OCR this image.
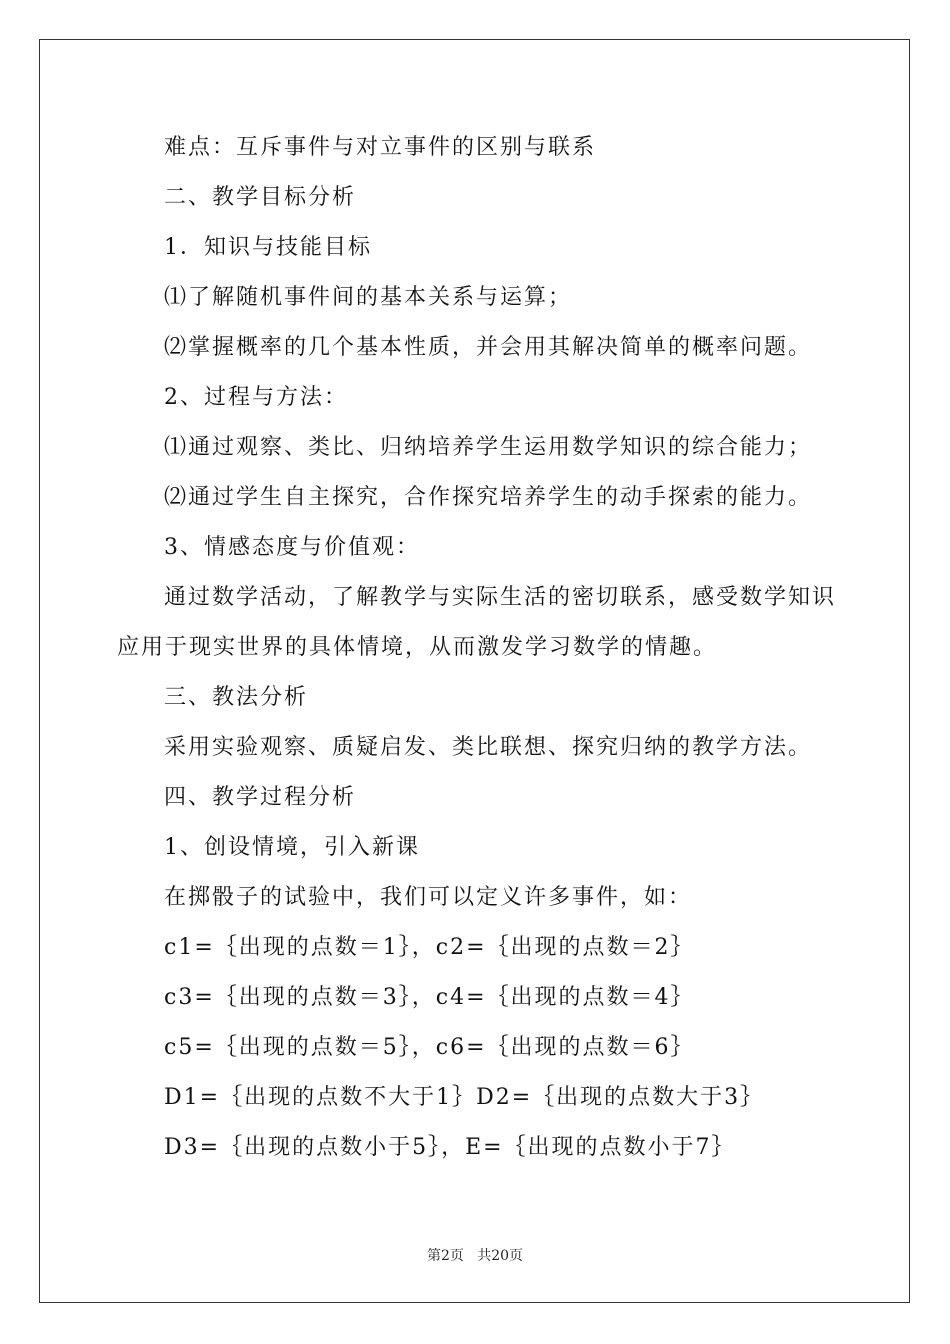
难点：互斥事件与对立事件的区别与联系
二、教学目标分析
1．知识与技能目标
⑴了解随机事件间的基本关系与运算；
⑵掌握概率的几个基本性质，并会用其解决简单的概率问题。
2、过程与方法：
⑴通过观察、类比、归纳培养学生运用数学知识的综合能力；
⑵通过学生自主探究，合作探究培养学生的动手探索的能力。
3、情感态度与价值观：
通过数学活动，了解教学与实际生活的密切联系，感受数学知识
应用于现实世界的具体情境，从而激发学习数学的情趣。
三、教法分析
采用实验观察、质疑启发、类比联想、探究归纳的教学方法。
四、教学过程分析
1、创设情境，引入新课
在掷骰子的试验中，我们可以定义许多事件，如：
c1=｛出现的点数＝1｝，c2=｛出现的点数＝2｝
c3=｛出现的点数＝3｝，c4=｛出现的点数＝4｝
c5=｛出现的点数＝5｝，c6=｛出现的点数＝6｝
D1=｛出现的点数不大于1｝D2=｛出现的点数大于3｝
D3=｛出现的点数小于5｝，E=｛出现的点数小于7｝
第2页   共20页
